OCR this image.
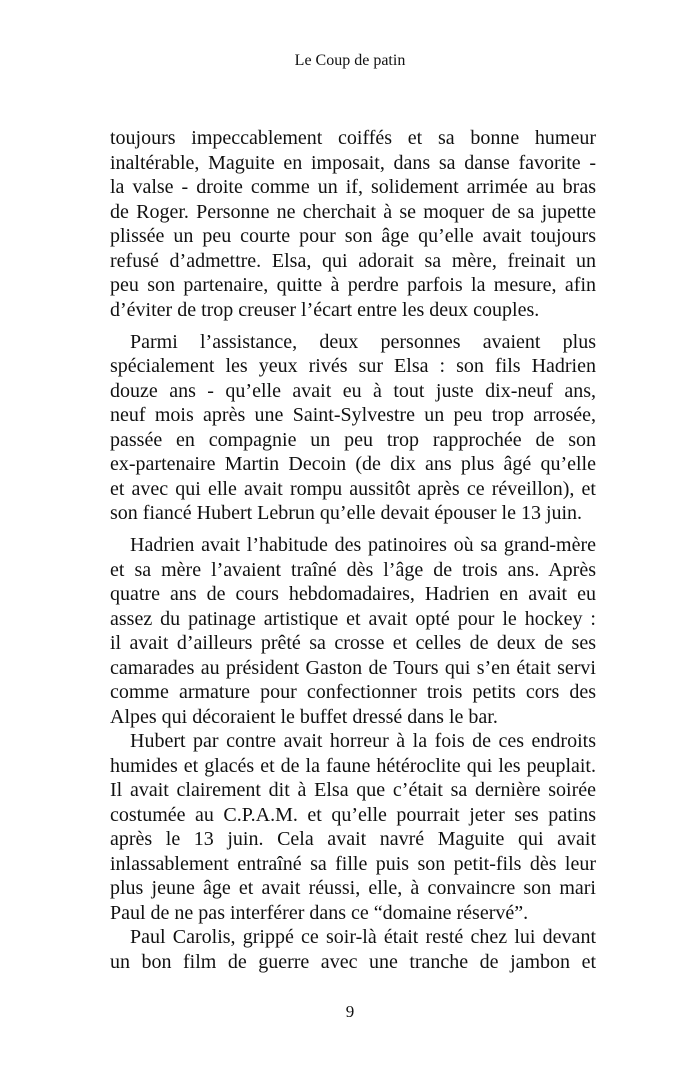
Le Coup de patin
toujours impeccablement coiffés et sa bonne humeur
inaltérable, Maguite en imposait, dans sa danse favorite -
la valse - droite comme un if, solidement arrimée au bras
de Roger. Personne ne cherchait à se moquer de sa jupette
plissée un peu courte pour son âge qu’elle avait toujours
refusé d’admettre. Elsa, qui adorait sa mère, freinait un
peu son partenaire, quitte à perdre parfois la mesure, afin
d’éviter de trop creuser l’écart entre les deux couples.
Parmi l’assistance, deux personnes avaient plus
spécialement les yeux rivés sur Elsa : son fils Hadrien
douze ans - qu’elle avait eu à tout juste dix-neuf ans,
neuf mois après une Saint-Sylvestre un peu trop arrosée,
passée en compagnie un peu trop rapprochée de son
ex-partenaire Martin Decoin (de dix ans plus âgé qu’elle
et avec qui elle avait rompu aussitôt après ce réveillon), et
son fiancé Hubert Lebrun qu’elle devait épouser le 13 juin.
Hadrien avait l’habitude des patinoires où sa grand-mère
et sa mère l’avaient traîné dès l’âge de trois ans. Après
quatre ans de cours hebdomadaires, Hadrien en avait eu
assez du patinage artistique et avait opté pour le hockey :
il avait d’ailleurs prêté sa crosse et celles de deux de ses
camarades au président Gaston de Tours qui s’en était servi
comme armature pour confectionner trois petits cors des
Alpes qui décoraient le buffet dressé dans le bar.
Hubert par contre avait horreur à la fois de ces endroits
humides et glacés et de la faune hétéroclite qui les peuplait.
Il avait clairement dit à Elsa que c’était sa dernière soirée
costumée au C.P.A.M. et qu’elle pourrait jeter ses patins
après le 13 juin. Cela avait navré Maguite qui avait
inlassablement entraîné sa fille puis son petit-fils dès leur
plus jeune âge et avait réussi, elle, à convaincre son mari
Paul de ne pas interférer dans ce “domaine réservé”.
Paul Carolis, grippé ce soir-là était resté chez lui devant
un bon film de guerre avec une tranche de jambon et
9
